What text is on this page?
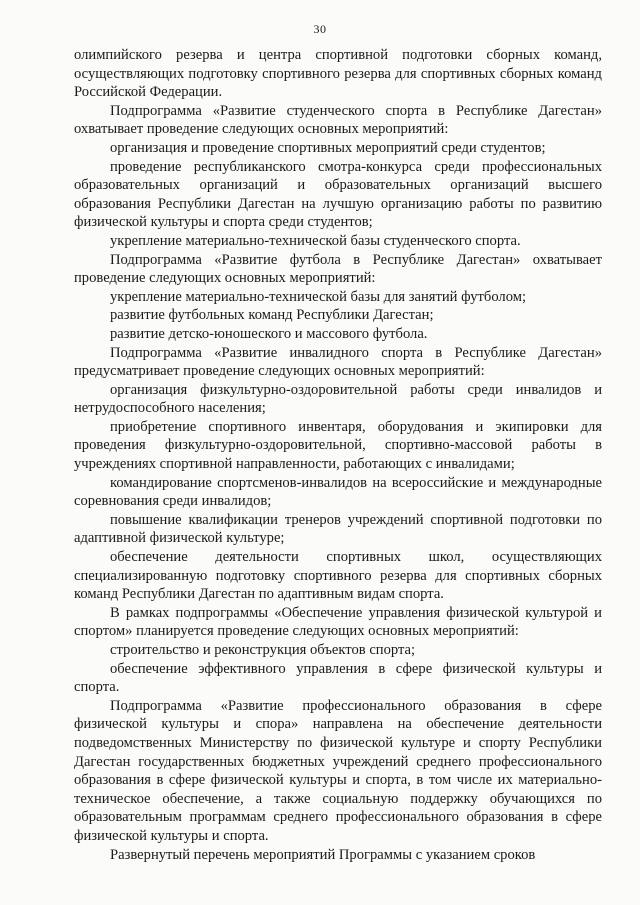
30

олимпийского резерва и центра спортивной подготовки сборных команд, осуществляющих подготовку спортивного резерва для спортивных сборных команд Российской Федерации.

Подпрограмма «Развитие студенческого спорта в Республике Дагестан» охватывает проведение следующих основных мероприятий:

организация и проведение спортивных мероприятий среди студентов;

проведение республиканского смотра-конкурса среди профессиональных образовательных организаций и образовательных организаций высшего образования Республики Дагестан на лучшую организацию работы по развитию физической культуры и спорта среди студентов;

укрепление материально-технической базы студенческого спорта.

Подпрограмма «Развитие футбола в Республике Дагестан» охватывает проведение следующих основных мероприятий:

укрепление материально-технической базы для занятий футболом;

развитие футбольных команд Республики Дагестан;

развитие детско-юношеского и массового футбола.

Подпрограмма «Развитие инвалидного спорта в Республике Дагестан» предусматривает проведение следующих основных мероприятий:

организация физкультурно-оздоровительной работы среди инвалидов и нетрудоспособного населения;

приобретение спортивного инвентаря, оборудования и экипировки для проведения физкультурно-оздоровительной, спортивно-массовой работы в учреждениях спортивной направленности, работающих с инвалидами;

командирование спортсменов-инвалидов на всероссийские и международные соревнования среди инвалидов;

повышение квалификации тренеров учреждений спортивной подготовки по адаптивной физической культуре;

обеспечение деятельности спортивных школ, осуществляющих специализированную подготовку спортивного резерва для спортивных сборных команд Республики Дагестан по адаптивным видам спорта.

В рамках подпрограммы «Обеспечение управления физической культурой и спортом» планируется проведение следующих основных мероприятий:

строительство и реконструкция объектов спорта;

обеспечение эффективного управления в сфере физической культуры и спорта.

Подпрограмма «Развитие профессионального образования в сфере физической культуры и спора» направлена на обеспечение деятельности подведомственных Министерству по физической культуре и спорту Республики Дагестан государственных бюджетных учреждений среднего профессионального образования в сфере физической культуры и спорта, в том числе их материально-техническое обеспечение, а также социальную поддержку обучающихся по образовательным программам среднего профессионального образования в сфере физической культуры и спорта.

Развернутый перечень мероприятий Программы с указанием сроков
